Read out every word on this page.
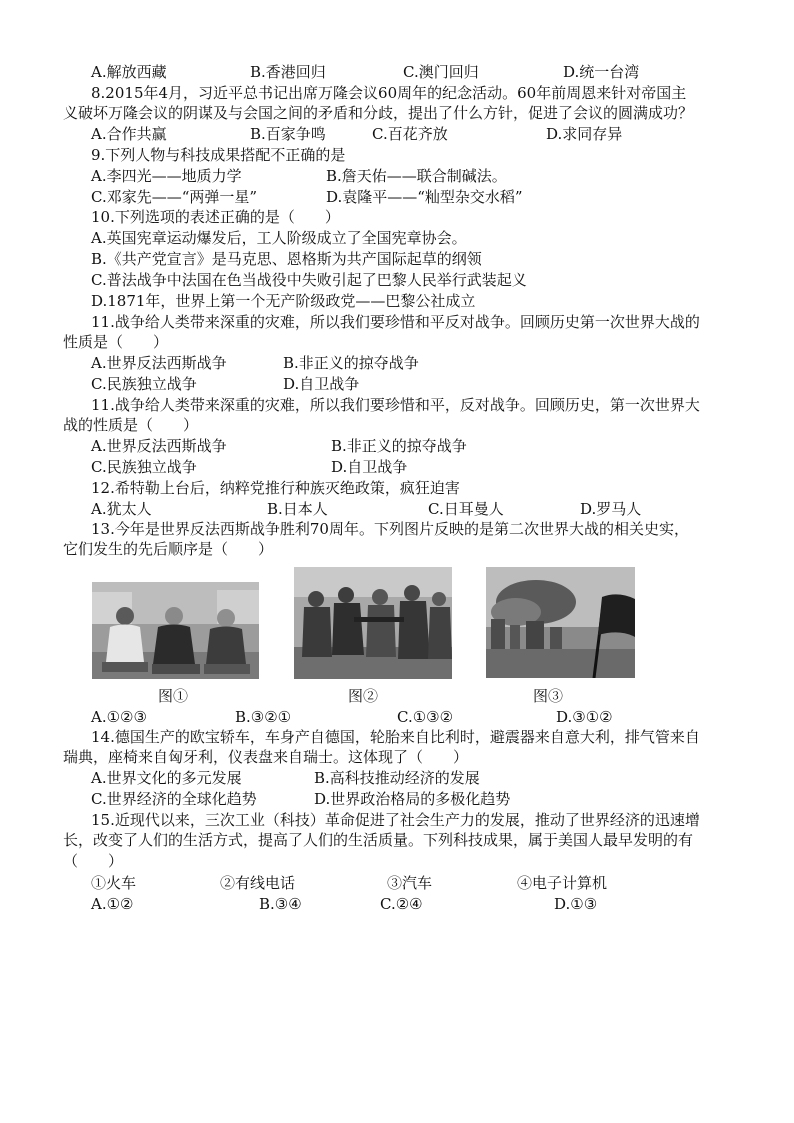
A.解放西藏	B.香港回归	C.澳门回归	D.统一台湾
8.2015年4月，习近平总书记出席万隆会议60周年的纪念活动。60年前周恩来针对帝国主
义破坏万隆会议的阴谋及与会国之间的矛盾和分歧，提出了什么方针，促进了会议的圆满成功？
A.合作共赢	B.百家争鸣	C.百花齐放	D.求同存异
9.下列人物与科技成果搭配不正确的是
A.李四光——地质力学	B.詹天佑——联合制碱法。
C.邓家先——“两弹一星”	D.袁隆平——“籼型杂交水稻”
10.下列选项的表述正确的是（　　）
A.英国宪章运动爆发后，工人阶级成立了全国宪章协会。
B.《共产党宣言》是马克思、恩格斯为共产国际起草的纲领
C.普法战争中法国在色当战役中失败引起了巴黎人民举行武装起义
D.1871年，世界上第一个无产阶级政党——巴黎公社成立
11.战争给人类带来深重的灾难，所以我们要珍惜和平反对战争。回顾历史第一次世界大战的
性质是（　　）
A.世界反法西斯战争	B.非正义的掠夺战争
C.民族独立战争	D.自卫战争
11.战争给人类带来深重的灾难，所以我们要珍惜和平，反对战争。回顾历史，第一次世界大
战的性质是（　　）
A.世界反法西斯战争	B.非正义的掠夺战争
C.民族独立战争	D.自卫战争
12.希特勒上台后，纳粹党推行种族灭绝政策，疯狂迫害
A.犹太人	B.日本人	C.日耳曼人	D.罗马人
13.今年是世界反法西斯战争胜利70周年。下列图片反映的是第二次世界大战的相关史实，
它们发生的先后顺序是（　　）
图①	图②	图③
A.①②③	B.③②①	C.①③②	D.③①②
14.德国生产的欧宝轿车，车身产自德国，轮胎来自比利时，避震器来自意大利，排气管来自
瑞典，座椅来自匈牙利，仪表盘来自瑞士。这体现了（　　）
A.世界文化的多元发展	B.高科技推动经济的发展
C.世界经济的全球化趋势	D.世界政治格局的多极化趋势
15.近现代以来，三次工业（科技）革命促进了社会生产力的发展，推动了世界经济的迅速增
长，改变了人们的生活方式，提高了人们的生活质量。下列科技成果，属于美国人最早发明的有
（　　）
①火车	②有线电话	③汽车	④电子计算机
A.①②	B.③④	C.②④	D.①③
